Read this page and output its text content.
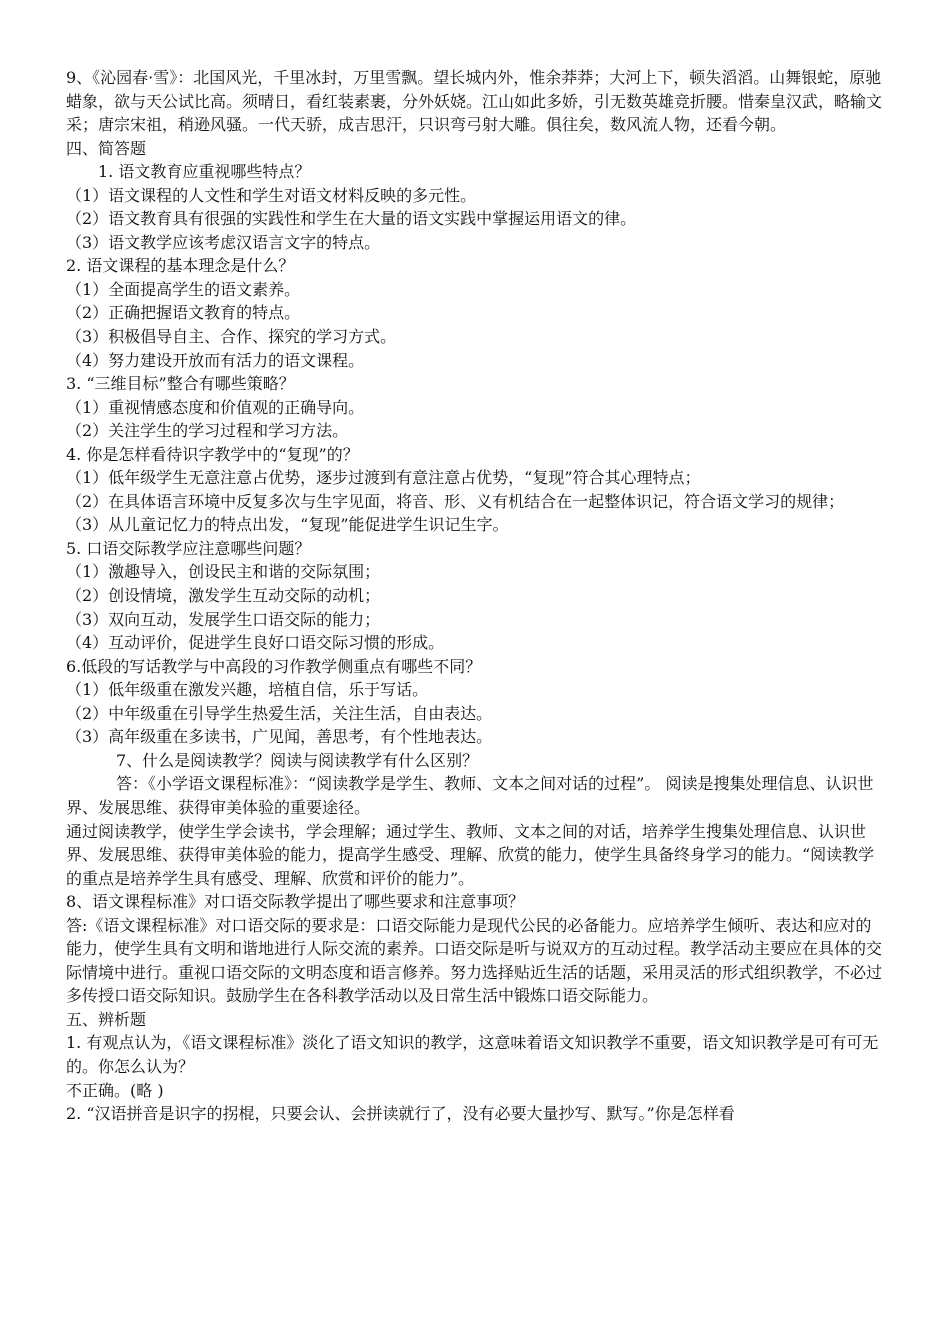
9、《沁园春·雪》：北国风光，千里冰封，万里雪飘。望长城内外，惟余莽莽；大河上下，顿失滔滔。山舞银蛇，原驰蜡象，欲与天公试比高。须晴日，看红装素裹，分外妖娆。江山如此多娇，引无数英雄竞折腰。惜秦皇汉武，略输文采；唐宗宋祖，稍逊风骚。一代天骄，成吉思汗，只识弯弓射大雕。俱往矣，数风流人物，还看今朝。
四、简答题
1. 语文教育应重视哪些特点？
（1）语文课程的人文性和学生对语文材料反映的多元性。
（2）语文教育具有很强的实践性和学生在大量的语文实践中掌握运用语文的律。
（3）语文教学应该考虑汉语言文字的特点。
2. 语文课程的基本理念是什么？
（1）全面提高学生的语文素养。
（2）正确把握语文教育的特点。
（3）积极倡导自主、合作、探究的学习方式。
（4）努力建设开放而有活力的语文课程。
3. “三维目标”整合有哪些策略？
（1）重视情感态度和价值观的正确导向。
（2）关注学生的学习过程和学习方法。
4. 你是怎样看待识字教学中的“复现”的？
（1）低年级学生无意注意占优势，逐步过渡到有意注意占优势，“复现”符合其心理特点；
（2）在具体语言环境中反复多次与生字见面，将音、形、义有机结合在一起整体识记，符合语文学习的规律；
（3）从儿童记忆力的特点出发，“复现”能促进学生识记生字。
5. 口语交际教学应注意哪些问题？
（1）激趣导入，创设民主和谐的交际氛围；
（2）创设情境，激发学生互动交际的动机；
（3）双向互动，发展学生口语交际的能力；
（4）互动评价，促进学生良好口语交际习惯的形成。
6.低段的写话教学与中高段的习作教学侧重点有哪些不同？
（1）低年级重在激发兴趣，培植自信，乐于写话。
（2）中年级重在引导学生热爱生活，关注生活，自由表达。
（3）高年级重在多读书，广见闻，善思考，有个性地表达。
7、什么是阅读教学？阅读与阅读教学有什么区别？
答：《小学语文课程标准》：“阅读教学是学生、教师、文本之间对话的过程”。 阅读是搜集处理信息、认识世界、发展思维、获得审美体验的重要途径。
通过阅读教学，使学生学会读书，学会理解；通过学生、教师、文本之间的对话，培养学生搜集处理信息、认识世界、发展思维、获得审美体验的能力，提高学生感受、理解、欣赏的能力，使学生具备终身学习的能力。“阅读教学的重点是培养学生具有感受、理解、欣赏和评价的能力”。
8、语文课程标准》对口语交际教学提出了哪些要求和注意事项？
答:《语文课程标准》对口语交际的要求是：口语交际能力是现代公民的必备能力。应培养学生倾听、表达和应对的能力，使学生具有文明和谐地进行人际交流的素养。口语交际是听与说双方的互动过程。教学活动主要应在具体的交际情境中进行。重视口语交际的文明态度和语言修养。努力选择贴近生活的话题，采用灵活的形式组织教学，不必过多传授口语交际知识。鼓励学生在各科教学活动以及日常生活中锻炼口语交际能力。
五、辨析题
1. 有观点认为，《语文课程标准》淡化了语文知识的教学，这意味着语文知识教学不重要，语文知识教学是可有可无的。你怎么认为？
不正确。(略 )
2. “汉语拼音是识字的拐棍，只要会认、会拼读就行了，没有必要大量抄写、默写。”你是怎样看
